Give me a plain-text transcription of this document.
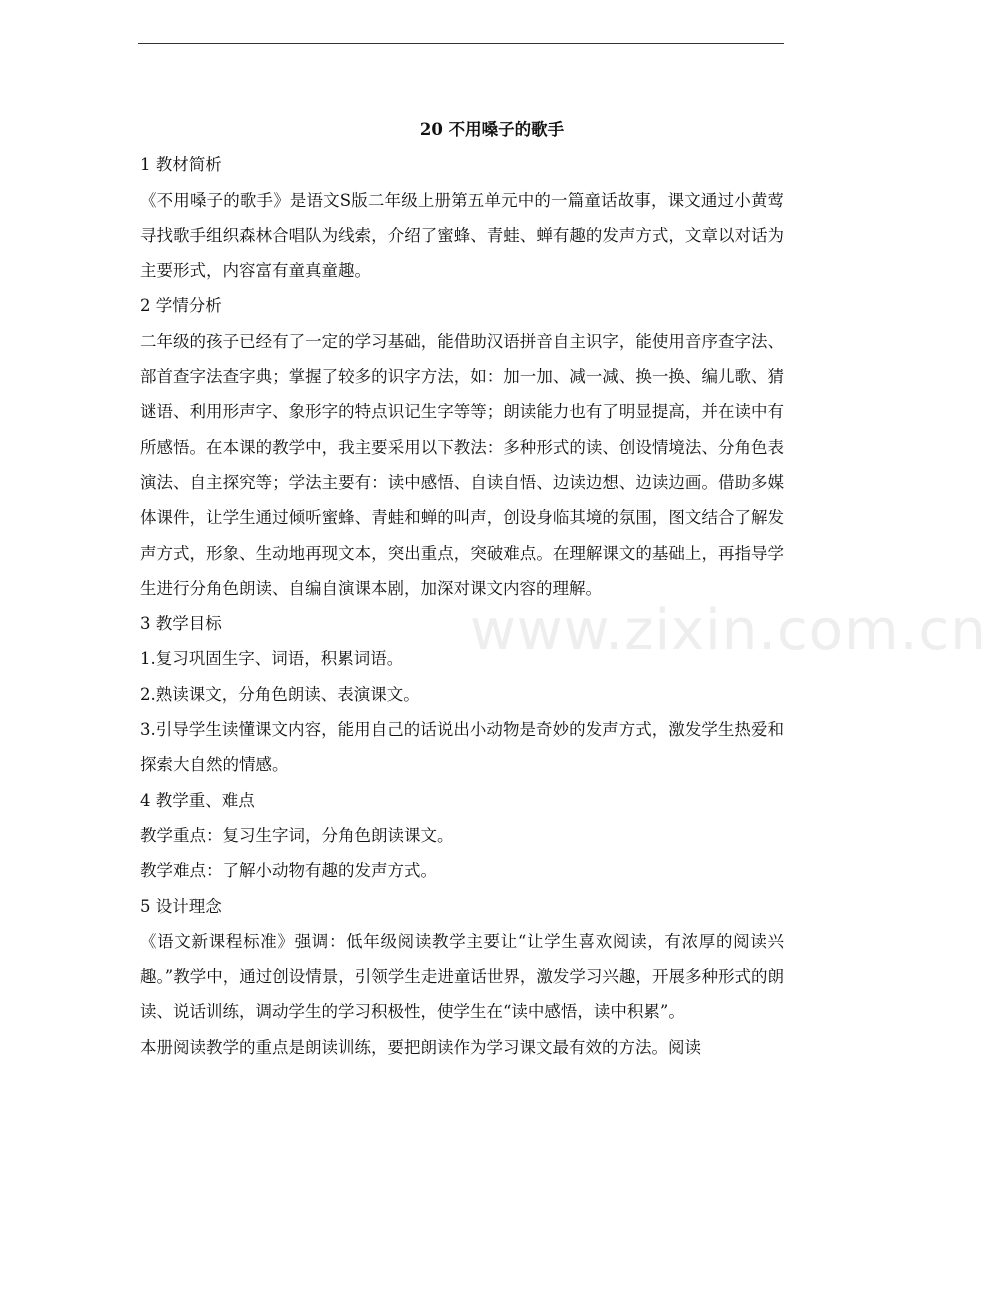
www.zixin.com.cn

20 不用嗓子的歌手

1 教材简析

《不用嗓子的歌手》是语文S版二年级上册第五单元中的一篇童话故事，课文通过小黄莺寻找歌手组织森林合唱队为线索，介绍了蜜蜂、青蛙、蝉有趣的发声方式，文章以对话为主要形式，内容富有童真童趣。

2 学情分析

二年级的孩子已经有了一定的学习基础，能借助汉语拼音自主识字，能使用音序查字法、部首查字法查字典；掌握了较多的识字方法，如：加一加、减一减、换一换、编儿歌、猜谜语、利用形声字、象形字的特点识记生字等等；朗读能力也有了明显提高，并在读中有所感悟。在本课的教学中，我主要采用以下教法：多种形式的读、创设情境法、分角色表演法、自主探究等；学法主要有：读中感悟、自读自悟、边读边想、边读边画。借助多媒体课件，让学生通过倾听蜜蜂、青蛙和蝉的叫声，创设身临其境的氛围，图文结合了解发声方式，形象、生动地再现文本，突出重点，突破难点。在理解课文的基础上，再指导学生进行分角色朗读、自编自演课本剧，加深对课文内容的理解。

3 教学目标

1.复习巩固生字、词语，积累词语。

2.熟读课文，分角色朗读、表演课文。

3.引导学生读懂课文内容，能用自己的话说出小动物是奇妙的发声方式，激发学生热爱和探索大自然的情感。

4 教学重、难点

教学重点：复习生字词，分角色朗读课文。

教学难点：了解小动物有趣的发声方式。

5 设计理念

《语文新课程标准》强调：低年级阅读教学主要让“让学生喜欢阅读，有浓厚的阅读兴趣。”教学中，通过创设情景，引领学生走进童话世界，激发学习兴趣，开展多种形式的朗读、说话训练，调动学生的学习积极性，使学生在“读中感悟，读中积累”。

本册阅读教学的重点是朗读训练，要把朗读作为学习课文最有效的方法。阅读
